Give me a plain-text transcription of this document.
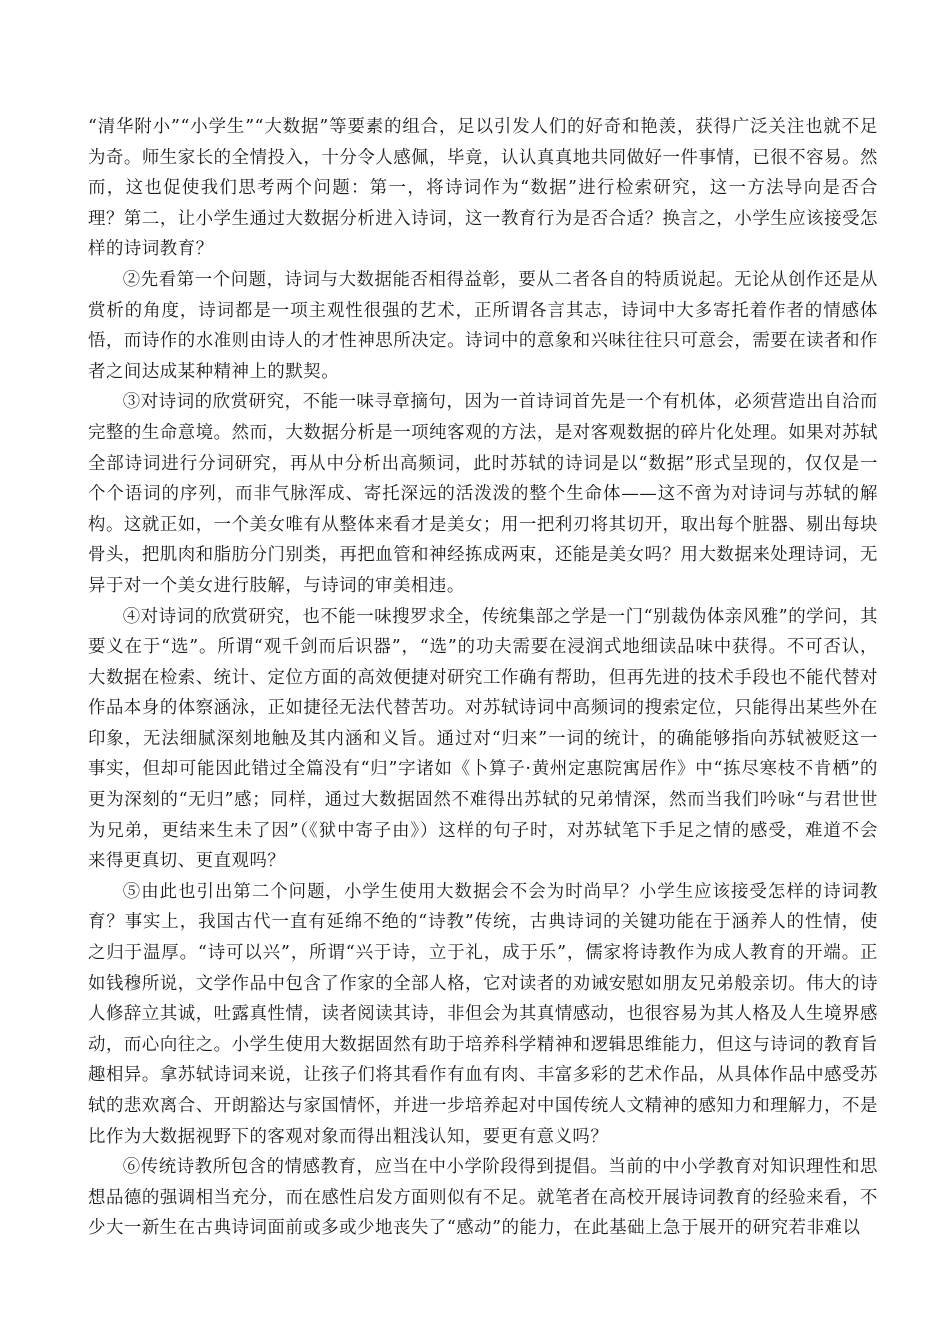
“清华附小”“小学生”“大数据”等要素的组合，足以引发人们的好奇和艳羡，获得广泛关注也就不足为奇。师生家长的全情投入，十分令人感佩，毕竟，认认真真地共同做好一件事情，已很不容易。然而，这也促使我们思考两个问题：第一，将诗词作为“数据”进行检索研究，这一方法导向是否合理？第二，让小学生通过大数据分析进入诗词，这一教育行为是否合适？换言之，小学生应该接受怎样的诗词教育？

②先看第一个问题，诗词与大数据能否相得益彰，要从二者各自的特质说起。无论从创作还是从赏析的角度，诗词都是一项主观性很强的艺术，正所谓各言其志，诗词中大多寄托着作者的情感体悟，而诗作的水准则由诗人的才性神思所决定。诗词中的意象和兴味往往只可意会，需要在读者和作者之间达成某种精神上的默契。

③对诗词的欣赏研究，不能一味寻章摘句，因为一首诗词首先是一个有机体，必须营造出自洽而完整的生命意境。然而，大数据分析是一项纯客观的方法，是对客观数据的碎片化处理。如果对苏轼全部诗词进行分词研究，再从中分析出高频词，此时苏轼的诗词是以“数据”形式呈现的，仅仅是一个个语词的序列，而非气脉浑成、寄托深远的活泼泼的整个生命体——这不啻为对诗词与苏轼的解构。这就正如，一个美女唯有从整体来看才是美女；用一把利刃将其切开，取出每个脏器、剔出每块骨头，把肌肉和脂肪分门别类，再把血管和神经拣成两束，还能是美女吗？用大数据来处理诗词，无异于对一个美女进行肢解，与诗词的审美相违。

④对诗词的欣赏研究，也不能一味搜罗求全，传统集部之学是一门“别裁伪体亲风雅”的学问，其要义在于“选”。所谓“观千剑而后识器”，“选”的功夫需要在浸润式地细读品味中获得。不可否认，大数据在检索、统计、定位方面的高效便捷对研究工作确有帮助，但再先进的技术手段也不能代替对作品本身的体察涵泳，正如捷径无法代替苦功。对苏轼诗词中高频词的搜索定位，只能得出某些外在印象，无法细腻深刻地触及其内涵和义旨。通过对“归来”一词的统计，的确能够指向苏轼被贬这一事实，但却可能因此错过全篇没有“归”字诸如《卜算子·黄州定惠院寓居作》中“拣尽寒枝不肯栖”的更为深刻的“无归”感；同样，通过大数据固然不难得出苏轼的兄弟情深，然而当我们吟咏“与君世世为兄弟，更结来生未了因”（《狱中寄子由》）这样的句子时，对苏轼笔下手足之情的感受，难道不会来得更真切、更直观吗？

⑤由此也引出第二个问题，小学生使用大数据会不会为时尚早？小学生应该接受怎样的诗词教育？事实上，我国古代一直有延绵不绝的“诗教”传统，古典诗词的关键功能在于涵养人的性情，使之归于温厚。“诗可以兴”，所谓“兴于诗，立于礼，成于乐”，儒家将诗教作为成人教育的开端。正如钱穆所说，文学作品中包含了作家的全部人格，它对读者的劝诫安慰如朋友兄弟般亲切。伟大的诗人修辞立其诚，吐露真性情，读者阅读其诗，非但会为其真情感动，也很容易为其人格及人生境界感动，而心向往之。小学生使用大数据固然有助于培养科学精神和逻辑思维能力，但这与诗词的教育旨趣相异。拿苏轼诗词来说，让孩子们将其看作有血有肉、丰富多彩的艺术作品，从具体作品中感受苏轼的悲欢离合、开朗豁达与家国情怀，并进一步培养起对中国传统人文精神的感知力和理解力，不是比作为大数据视野下的客观对象而得出粗浅认知，要更有意义吗？

⑥传统诗教所包含的情感教育，应当在中小学阶段得到提倡。当前的中小学教育对知识理性和思想品德的强调相当充分，而在感性启发方面则似有不足。就笔者在高校开展诗词教育的经验来看，不少大一新生在古典诗词面前或多或少地丧失了“感动”的能力，在此基础上急于展开的研究若非难以
